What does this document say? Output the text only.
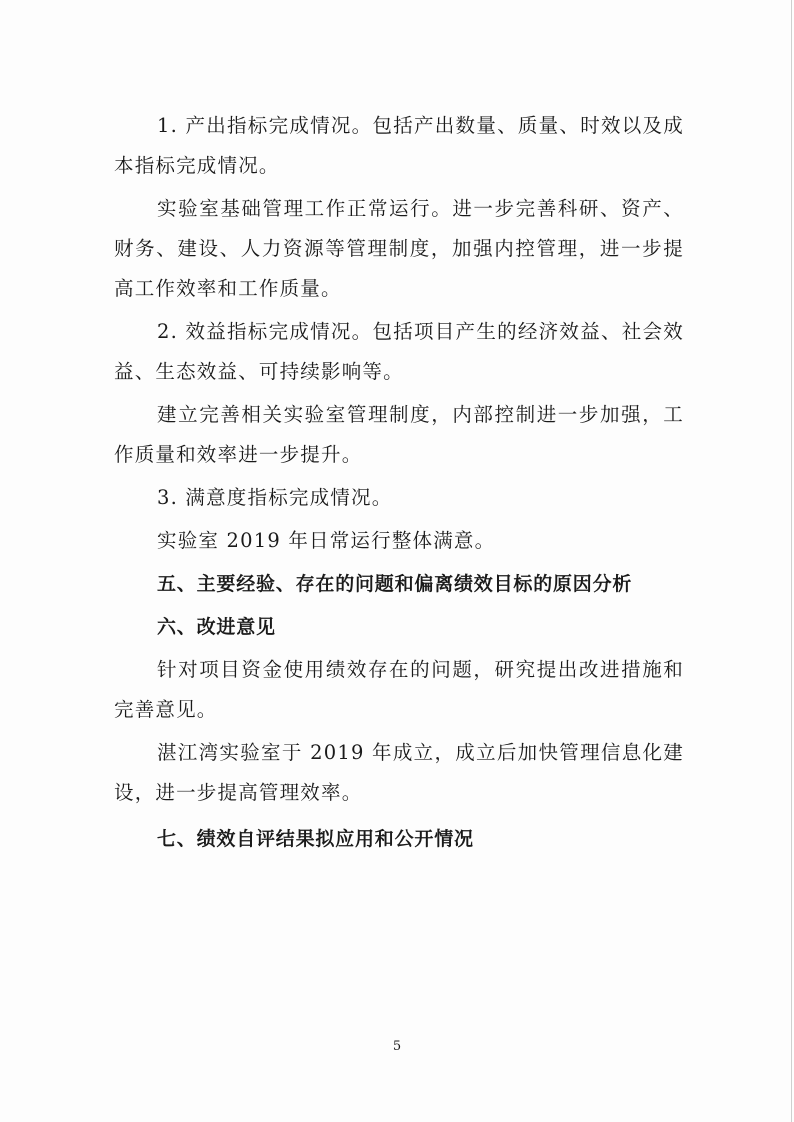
1. 产出指标完成情况。包括产出数量、质量、时效以及成本指标完成情况。

实验室基础管理工作正常运行。进一步完善科研、资产、财务、建设、人力资源等管理制度，加强内控管理，进一步提高工作效率和工作质量。

2. 效益指标完成情况。包括项目产生的经济效益、社会效益、生态效益、可持续影响等。

建立完善相关实验室管理制度，内部控制进一步加强，工作质量和效率进一步提升。

3. 满意度指标完成情况。

实验室 2019 年日常运行整体满意。

五、主要经验、存在的问题和偏离绩效目标的原因分析

六、改进意见

针对项目资金使用绩效存在的问题，研究提出改进措施和完善意见。

湛江湾实验室于 2019 年成立，成立后加快管理信息化建设，进一步提高管理效率。

七、绩效自评结果拟应用和公开情况

5
